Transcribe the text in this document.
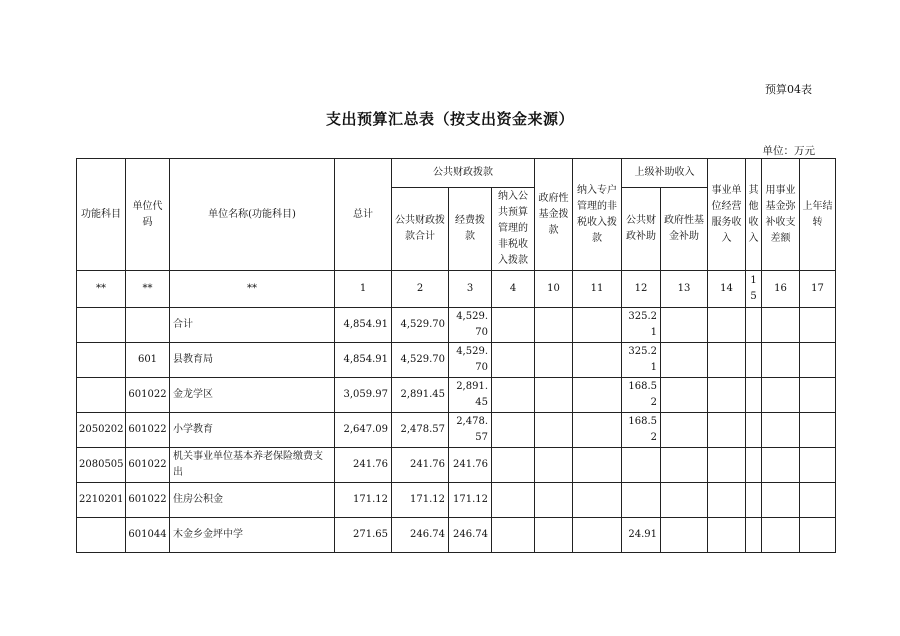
预算04表
支出预算汇总表（按支出资金来源）
单位：万元
功能科目	单位代码	单位名称(功能科目)	总计	公共财政拨款			政府性基金拨款	纳入专户管理的非税收入拨款	上级补助收入		事业单位经营服务收入	其他收入	用事业基金弥补收支差额	上年结转
				公共财政拨款合计	经费拨款	纳入公共预算管理的非税收入拨款			公共财政补助	政府性基金补助				
**	**	**	1	2	3	4	10	11	12	13	14	15	16	17
		合计	4,854.91	4,529.70	4,529.70				325.21					
	601	县教育局	4,854.91	4,529.70	4,529.70				325.21					
	601022	金龙学区	3,059.97	2,891.45	2,891.45				168.52					
2050202	601022	小学教育	2,647.09	2,478.57	2,478.57				168.52					
2080505	601022	机关事业单位基本养老保险缴费支出	241.76	241.76	241.76									
2210201	601022	住房公积金	171.12	171.12	171.12									
	601044	木金乡金坪中学	271.65	246.74	246.74				24.91					
